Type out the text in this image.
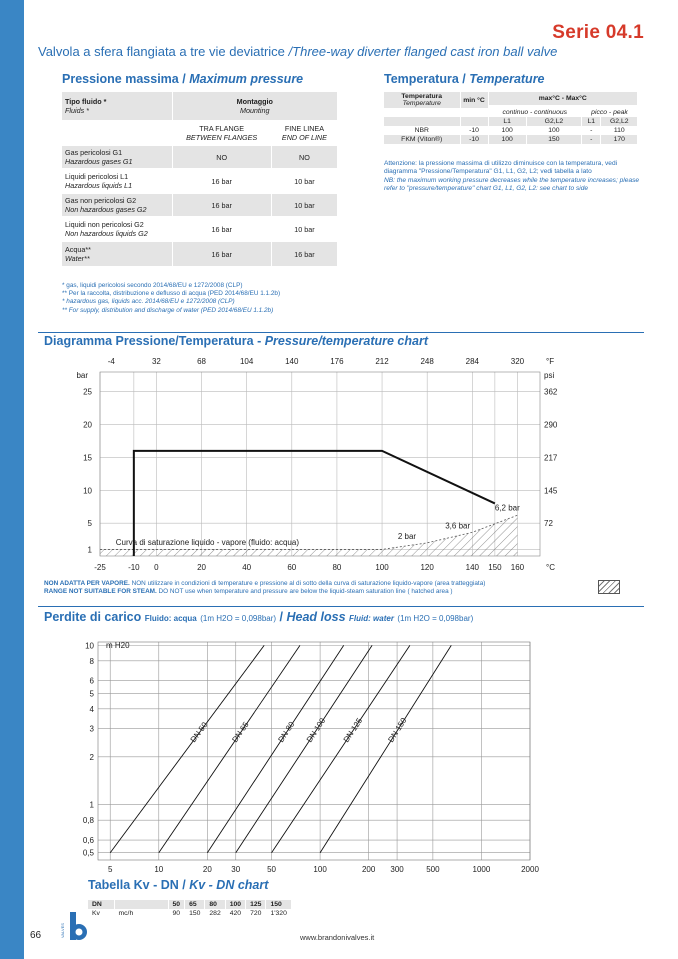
Serie 04.1
Valvola a sfera flangiata a tre vie deviatrice /Three-way diverter flanged cast iron ball valve
Pressione massima / Maximum pressure
Tipo fluido *
Fluids *	Montaggio
Mounting	
	TRA FLANGE
BETWEEN FLANGES	FINE LINEA
END OF LINE
Gas pericolosi G1
Hazardous gases G1	NO	NO
Liquidi pericolosi L1
Hazardous liquids L1	16 bar	10 bar
Gas non pericolosi G2
Non hazardous gases G2	16 bar	10 bar
Liquidi non pericolosi G2
Non hazardous liquids G2	16 bar	10 bar
Acqua**
Water**	16 bar	16 bar
* gas, liquidi pericolosi secondo 2014/68/EU e 1272/2008 (CLP)
** Per la raccolta, distribuzione e deflusso di acqua (PED 2014/68/EU 1.1.2b)
* hazardous gas, liquids acc. 2014/68/EU e 1272/2008 (CLP)
** For supply, distribution and discharge of water (PED 2014/68/EU 1.1.2b)
Temperatura / Temperature
Temperatura
Temperature	min °C	max°C - Max°C			

		continuo - continuous		picco - peak	
		L1	G2,L2	L1	G2,L2
NBR	-10	100	100	-	110
FKM (Viton®)	-10	100	150	-	170
Attenzione: la pressione massima di utilizzo diminuisce con la temperatura, vedi diagramma "Pressione/Temperatura" G1, L1, G2, L2; vedi tabella a lato
NB: the maximum working pressure decreases while the temperature increases; please refer to "pressure/temperature" chart G1, L1, G2, L2: see chart to side
Diagramma Pressione/Temperatura - Pressure/temperature chart
NON ADATTA PER VAPORE. NON utilizzare in condizioni di temperature e pressione al di sotto della curva di saturazione liquido-vapore (area tratteggiata)
RANGE NOT SUITABLE FOR STEAM. DO NOT use when temperature and pressure are below the liquid-steam saturation line ( hatched area )
Perdite di carico Fluido: acqua (1m H2O = 0,098bar) / Head loss Fluid: water (1m H2O = 0,098bar)
1
5
10
15
20
25
72
145
217
290
362
-25	-10 0	20	40	60	80	100	120	140 150 160
-4	32	68	104	140	176	212	248	284	320
bar	psi
°F
°C
Curva di saturazione liquido - vapore (fluido: acqua)
2 bar
3,6 bar
6,2 bar
0,5
0,6
0,8
1
2
3
4
5
6
8
10
5	10	20 30	50	100	200 300	500	1000	2000
m H20
DN 50	DN 65	DN 80 DN 100 DN 125	DN 150
Tabella Kv - DN / Kv - DN chart
DN		50	65	80	100	125	150
Kv	mc/h	90	150	282	420	720	1'320
66	VALVES	www.brandonivalves.it
